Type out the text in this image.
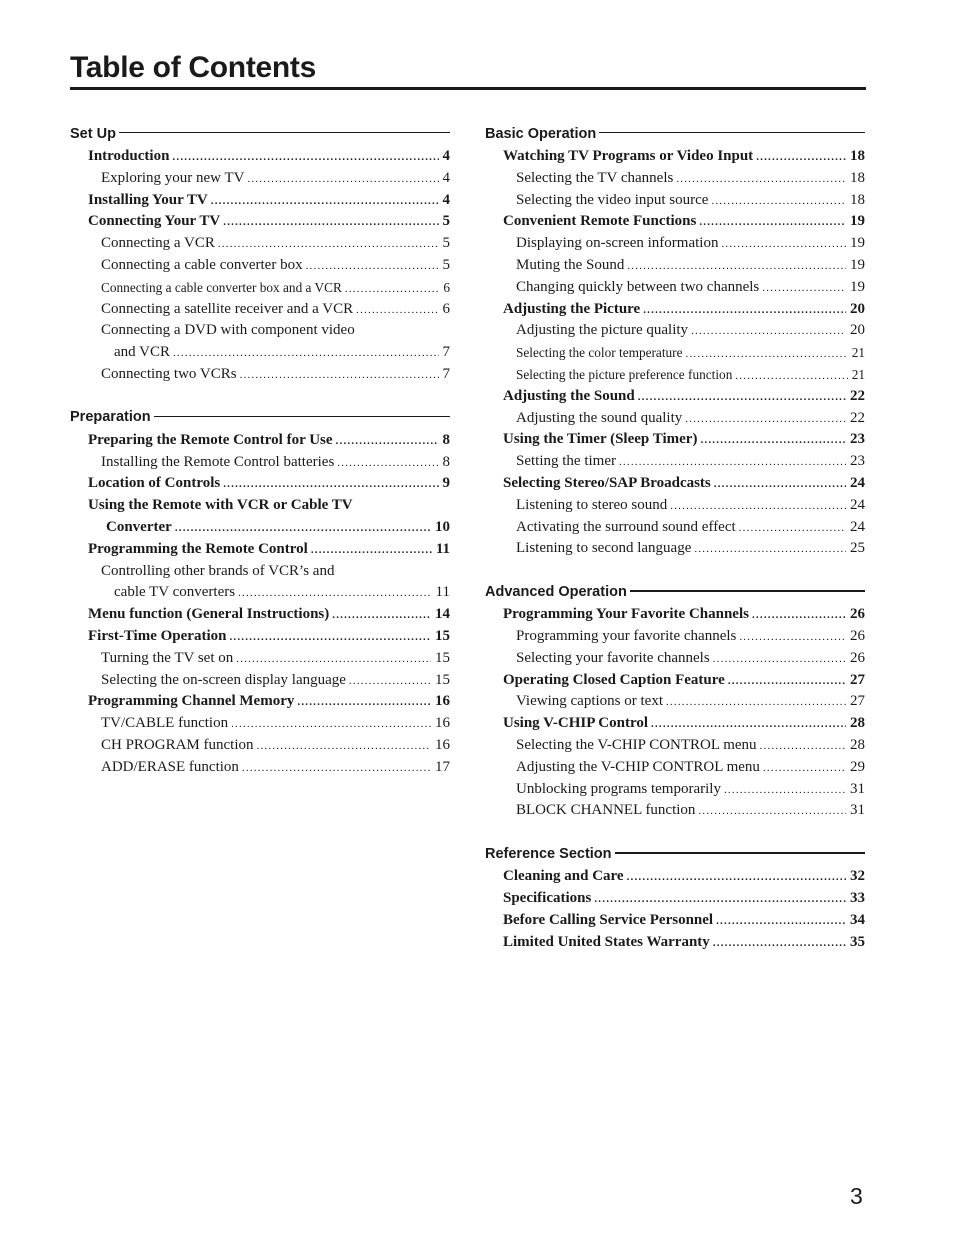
Table of Contents
Set Up
Introduction .....	4
Exploring your new TV .....	4
Installing Your TV .....	4
Connecting Your TV .....	5
Connecting a VCR .....	5
Connecting a cable converter box .....	5
Connecting a cable converter box and a VCR .....	6
Connecting a satellite receiver and a VCR .....	6
Connecting a DVD with component video
and VCR .....	7
Connecting two VCRs .....	7
Preparation
Preparing the Remote Control for Use .....	8
Installing the Remote Control batteries .....	8
Location of Controls .....	9
Using the Remote with VCR or Cable TV
Converter .....	10
Programming the Remote Control .....	11
Controlling other brands of VCR’s and
cable TV converters .....	11
Menu function (General Instructions) .....	14
First-Time Operation .....	15
Turning the TV set on .....	15
Selecting the on-screen display language .....	15
Programming Channel Memory .....	16
TV/CABLE function .....	16
CH PROGRAM function .....	16
ADD/ERASE function .....	17
Basic Operation
Watching TV Programs or Video Input .....	18
Selecting the TV channels .....	18
Selecting the video input source .....	18
Convenient Remote Functions .....	19
Displaying on-screen information .....	19
Muting the Sound .....	19
Changing quickly between two channels .....	19
Adjusting the Picture .....	20
Adjusting the picture quality .....	20
Selecting the color temperature .....	21
Selecting the picture preference function .....	21
Adjusting the Sound .....	22
Adjusting the sound quality .....	22
Using the Timer (Sleep Timer) .....	23
Setting the timer .....	23
Selecting Stereo/SAP Broadcasts .....	24
Listening to stereo sound .....	24
Activating the surround sound effect .....	24
Listening to second language .....	25
Advanced Operation
Programming Your Favorite Channels .....	26
Programming your favorite channels .....	26
Selecting your favorite channels .....	26
Operating Closed Caption Feature .....	27
Viewing captions or text .....	27
Using V-CHIP Control .....	28
Selecting the V-CHIP CONTROL menu .....	28
Adjusting the V-CHIP CONTROL menu .....	29
Unblocking programs temporarily .....	31
BLOCK CHANNEL function .....	31
Reference Section
Cleaning and Care .....	32
Specifications .....	33
Before Calling Service Personnel .....	34
Limited United States Warranty .....	35
3
